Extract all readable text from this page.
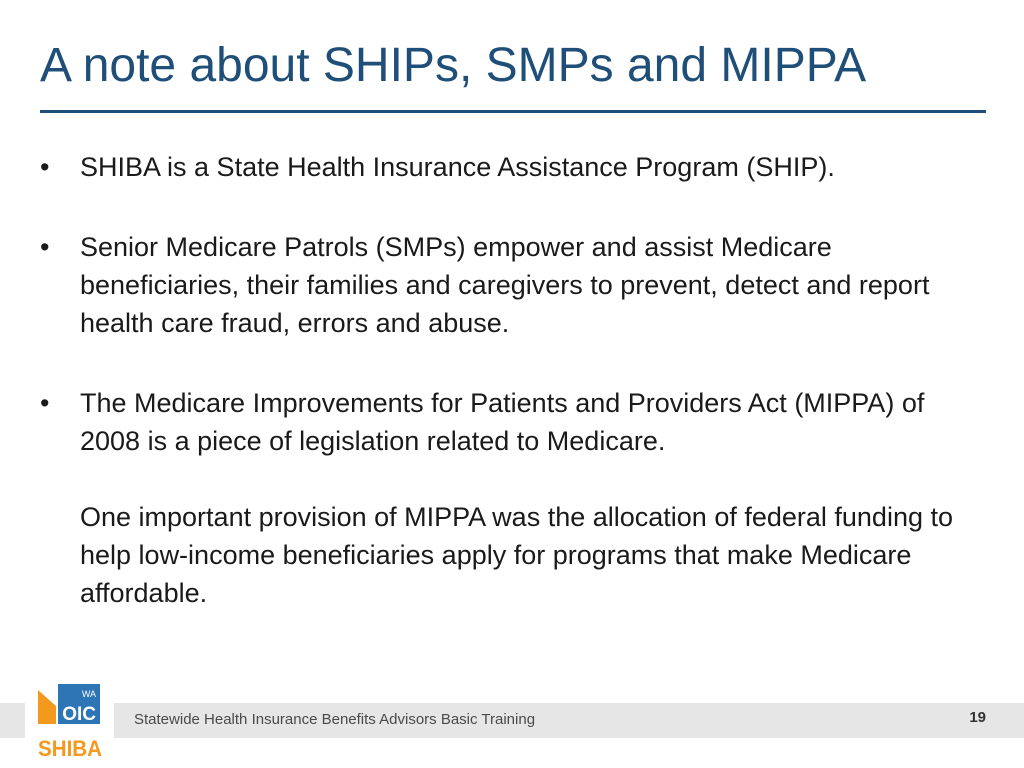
A note about SHIPs, SMPs and MIPPA
•	SHIBA is a State Health Insurance Assistance Program (SHIP).

•	Senior Medicare Patrols (SMPs) empower and assist Medicare beneficiaries, their families and caregivers to prevent, detect and report health care fraud, errors and abuse.

•	The Medicare Improvements for Patients and Providers Act (MIPPA) of 2008 is a piece of legislation related to Medicare.

One important provision of MIPPA was the allocation of federal funding to help low-income beneficiaries apply for programs that make Medicare affordable.

WA
OIC
SHIBA
Statewide Health Insurance Benefits Advisors Basic Training	19
